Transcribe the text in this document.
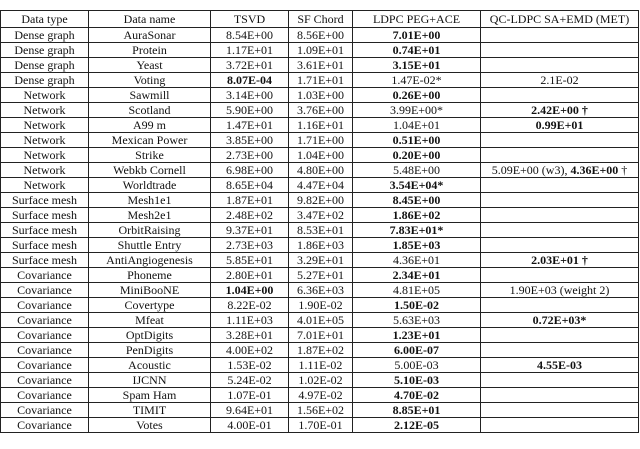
Data type	Data name	TSVD	SF Chord	LDPC PEG+ACE	QC-LDPC SA+EMD (MET)
Dense graph	AuraSonar	8.54E+00	8.56E+00	7.01E+00	
Dense graph	Protein	1.17E+01	1.09E+01	0.74E+01	
Dense graph	Yeast	3.72E+01	3.61E+01	3.15E+01	
Dense graph	Voting	8.07E-04	1.71E+01	1.47E-02*	2.1E-02
Network	Sawmill	3.14E+00	1.03E+00	0.26E+00	
Network	Scotland	5.90E+00	3.76E+00	3.99E+00*	2.42E+00 †
Network	A99 m	1.47E+01	1.16E+01	1.04E+01	0.99E+01
Network	Mexican Power	3.85E+00	1.71E+00	0.51E+00	
Network	Strike	2.73E+00	1.04E+00	0.20E+00	
Network	Webkb Cornell	6.98E+00	4.80E+00	5.48E+00	5.09E+00 (w3), 4.36E+00 †
Network	Worldtrade	8.65E+04	4.47E+04	3.54E+04*	
Surface mesh	Mesh1e1	1.87E+01	9.82E+00	8.45E+00	
Surface mesh	Mesh2e1	2.48E+02	3.47E+02	1.86E+02	
Surface mesh	OrbitRaising	9.37E+01	8.53E+01	7.83E+01*	
Surface mesh	Shuttle Entry	2.73E+03	1.86E+03	1.85E+03	
Surface mesh	AntiAngiogenesis	5.85E+01	3.29E+01	4.36E+01	2.03E+01 †
Covariance	Phoneme	2.80E+01	5.27E+01	2.34E+01	
Covariance	MiniBooNE	1.04E+00	6.36E+03	4.81E+05	1.90E+03 (weight 2)
Covariance	Covertype	8.22E-02	1.90E-02	1.50E-02	
Covariance	Mfeat	1.11E+03	4.01E+05	5.63E+03	0.72E+03*
Covariance	OptDigits	3.28E+01	7.01E+01	1.23E+01	
Covariance	PenDigits	4.00E+02	1.87E+02	6.00E-07	
Covariance	Acoustic	1.53E-02	1.11E-02	5.00E-03	4.55E-03
Covariance	IJCNN	5.24E-02	1.02E-02	5.10E-03	
Covariance	Spam Ham	1.07E-01	4.97E-02	4.70E-02	
Covariance	TIMIT	9.64E+01	1.56E+02	8.85E+01	
Covariance	Votes	4.00E-01	1.70E-01	2.12E-05	
